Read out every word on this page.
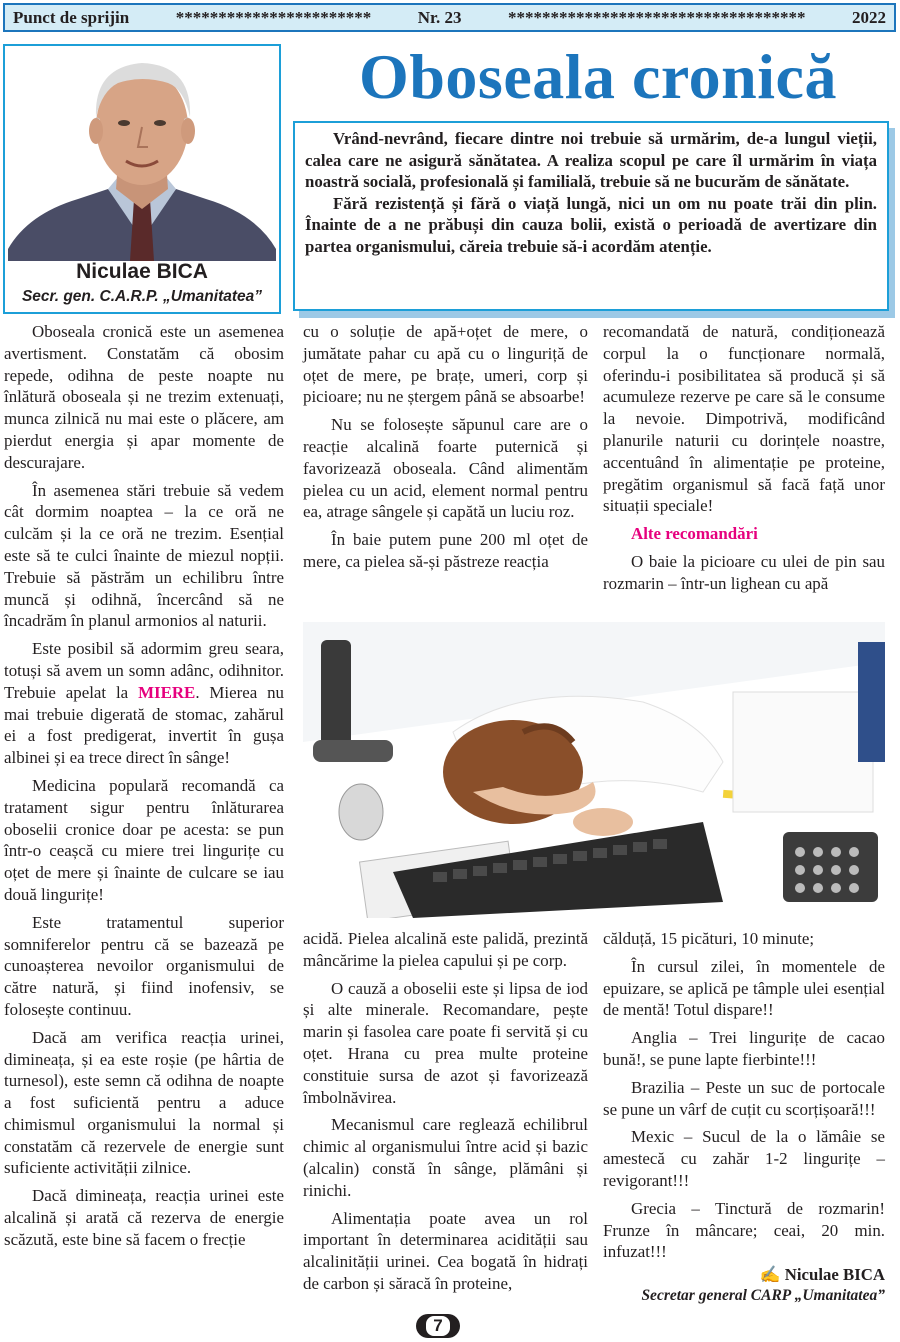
Punct de sprijin	***********************	Nr. 23	***********************************	2022
Niculae BICA
Secr. gen. C.A.R.P. „Umanitatea”
Oboseala cronică

Vrând-nevrând, fiecare dintre noi trebuie să urmărim, de-a lungul vieții, calea care ne asigură sănătatea. A realiza scopul pe care îl urmărim în viața noastră socială, profesională și familială, trebuie să ne bucurăm de sănătate.

Fără rezistență și fără o viață lungă, nici un om nu poate trăi din plin. Înainte de a ne prăbuși din cauza bolii, există o perioadă de avertizare din partea organismului, căreia trebuie să-i acordăm atenție.

Oboseala cronică este un asemenea avertisment. Constatăm că obosim repede, odihna de peste noapte nu înlătură oboseala și ne trezim extenuați, munca zilnică nu mai este o plăcere, am pierdut energia și apar momente de descurajare.

În asemenea stări trebuie să vedem cât dormim noaptea – la ce oră ne culcăm și la ce oră ne trezim. Esențial este să te culci înainte de miezul nopții. Trebuie să păstrăm un echilibru între muncă și odihnă, încercând să ne încadrăm în planul armonios al naturii.

Este posibil să adormim greu seara, totuși să avem un somn adânc, odihnitor. Trebuie apelat la MIERE. Mierea nu mai trebuie digerată de stomac, zahărul ei a fost predigerat, invertit în gușa albinei și ea trece direct în sânge!

Medicina populară recomandă ca tratament sigur pentru înlăturarea oboselii cronice doar pe acesta: se pun într-o ceașcă cu miere trei lingurițe cu oțet de mere și înainte de culcare se iau două lingurițe!

Este tratamentul superior somniferelor pentru că se bazează pe cunoașterea nevoilor organismului de către natură, și fiind inofensiv, se folosește continuu.

Dacă am verifica reacția urinei, dimineața, și ea este roșie (pe hârtia de turnesol), este semn că odihna de noapte a fost suficientă pentru a aduce chimismul organismului la normal și constatăm că rezervele de energie sunt suficiente activității zilnice.

Dacă dimineața, reacția urinei este alcalină și arată că rezerva de energie scăzută, este bine să facem o frecție

cu o soluție de apă+oțet de mere, o jumătate pahar cu apă cu o linguriță de oțet de mere, pe brațe, umeri, corp și picioare; nu ne ștergem până se absoarbe!

Nu se folosește săpunul care are o reacție alcalină foarte puternică și favorizează oboseala. Când alimentăm pielea cu un acid, element normal pentru ea, atrage sângele și capătă un luciu roz.

În baie putem pune 200 ml oțet de mere, ca pielea să-și păstreze reacția

recomandată de natură, condiționează corpul la o funcționare normală, oferindu-i posibilitatea să producă și să acumuleze rezerve pe care să le consume la nevoie. Dimpotrivă, modificând planurile naturii cu dorințele noastre, accentuând în alimentație pe proteine, pregătim organismul să facă față unor situații speciale!

Alte recomandări

O baie la picioare cu ulei de pin sau rozmarin – într-un lighean cu apă

acidă. Pielea alcalină este palidă, prezintă mâncărime la pielea capului și pe corp.

O cauză a oboselii este și lipsa de iod și alte minerale. Recomandare, pește marin și fasolea care poate fi servită și cu oțet. Hrana cu prea multe proteine constituie sursa de azot și favorizează îmbolnăvirea.

Mecanismul care reglează echilibrul chimic al organismului între acid și bazic (alcalin) constă în sânge, plămâni și rinichi.

Alimentația poate avea un rol important în determinarea acidității sau alcalinității urinei. Cea bogată în hidrați de carbon și săracă în proteine,

călduță, 15 picături, 10 minute;

În cursul zilei, în momentele de epuizare, se aplică pe tâmple ulei esențial de mentă! Totul dispare!!

Anglia – Trei lingurițe de cacao bună!, se pune lapte fierbinte!!!

Brazilia – Peste un suc de portocale se pune un vârf de cuțit cu scorțișoară!!!

Mexic – Sucul de la o lămâie se amestecă cu zahăr 1-2 lingurițe – revigorant!!!

Grecia – Tinctură de rozmarin! Frunze în mâncare; ceai, 20 min. infuzat!!!

✍ Niculae BICA
Secretar general CARP „Umanitatea”
7
